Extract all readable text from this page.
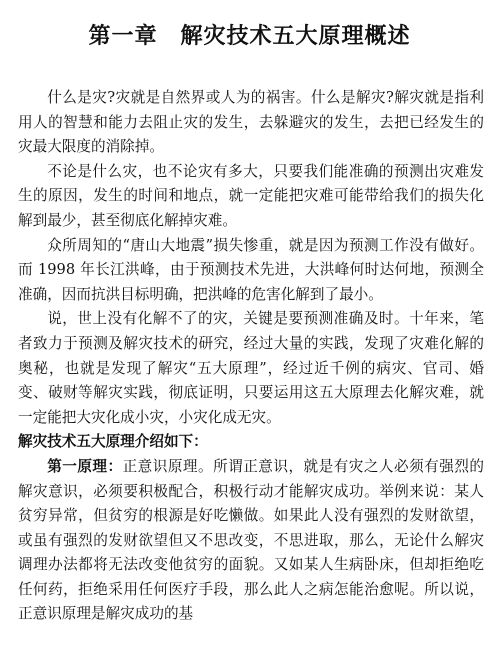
第一章　解灾技术五大原理概述

什么是灾?灾就是自然界或人为的祸害。什么是解灾?解灾就是指利用人的智慧和能力去阻止灾的发生，去躲避灾的发生，去把已经发生的灾最大限度的消除掉。

不论是什么灾，也不论灾有多大，只要我们能准确的预测出灾难发生的原因，发生的时间和地点，就一定能把灾难可能带给我们的损失化解到最少，甚至彻底化解掉灾难。

众所周知的“唐山大地震”损失惨重，就是因为预测工作没有做好。而 1998 年长江洪峰，由于预测技术先进，大洪峰何时达何地，预测全准确，因而抗洪目标明确，把洪峰的危害化解到了最小。

说，世上没有化解不了的灾，关键是要预测准确及时。十年来，笔者致力于预测及解灾技术的研究，经过大量的实践，发现了灾难化解的奥秘，也就是发现了解灾“五大原理”，经过近千例的病灾、官司、婚变、破财等解灾实践，彻底证明，只要运用这五大原理去化解灾难，就一定能把大灾化成小灾，小灾化成无灾。

解灾技术五大原理介绍如下：

第一原理：正意识原理。所谓正意识，就是有灾之人必须有强烈的解灾意识，必须要积极配合，积极行动才能解灾成功。举例来说：某人贫穷异常，但贫穷的根源是好吃懒做。如果此人没有强烈的发财欲望，或虽有强烈的发财欲望但又不思改变，不思进取，那么，无论什么解灾调理办法都将无法改变他贫穷的面貌。又如某人生病卧床，但却拒绝吃任何药，拒绝采用任何医疗手段，那么此人之病怎能治愈呢。所以说，正意识原理是解灾成功的基
